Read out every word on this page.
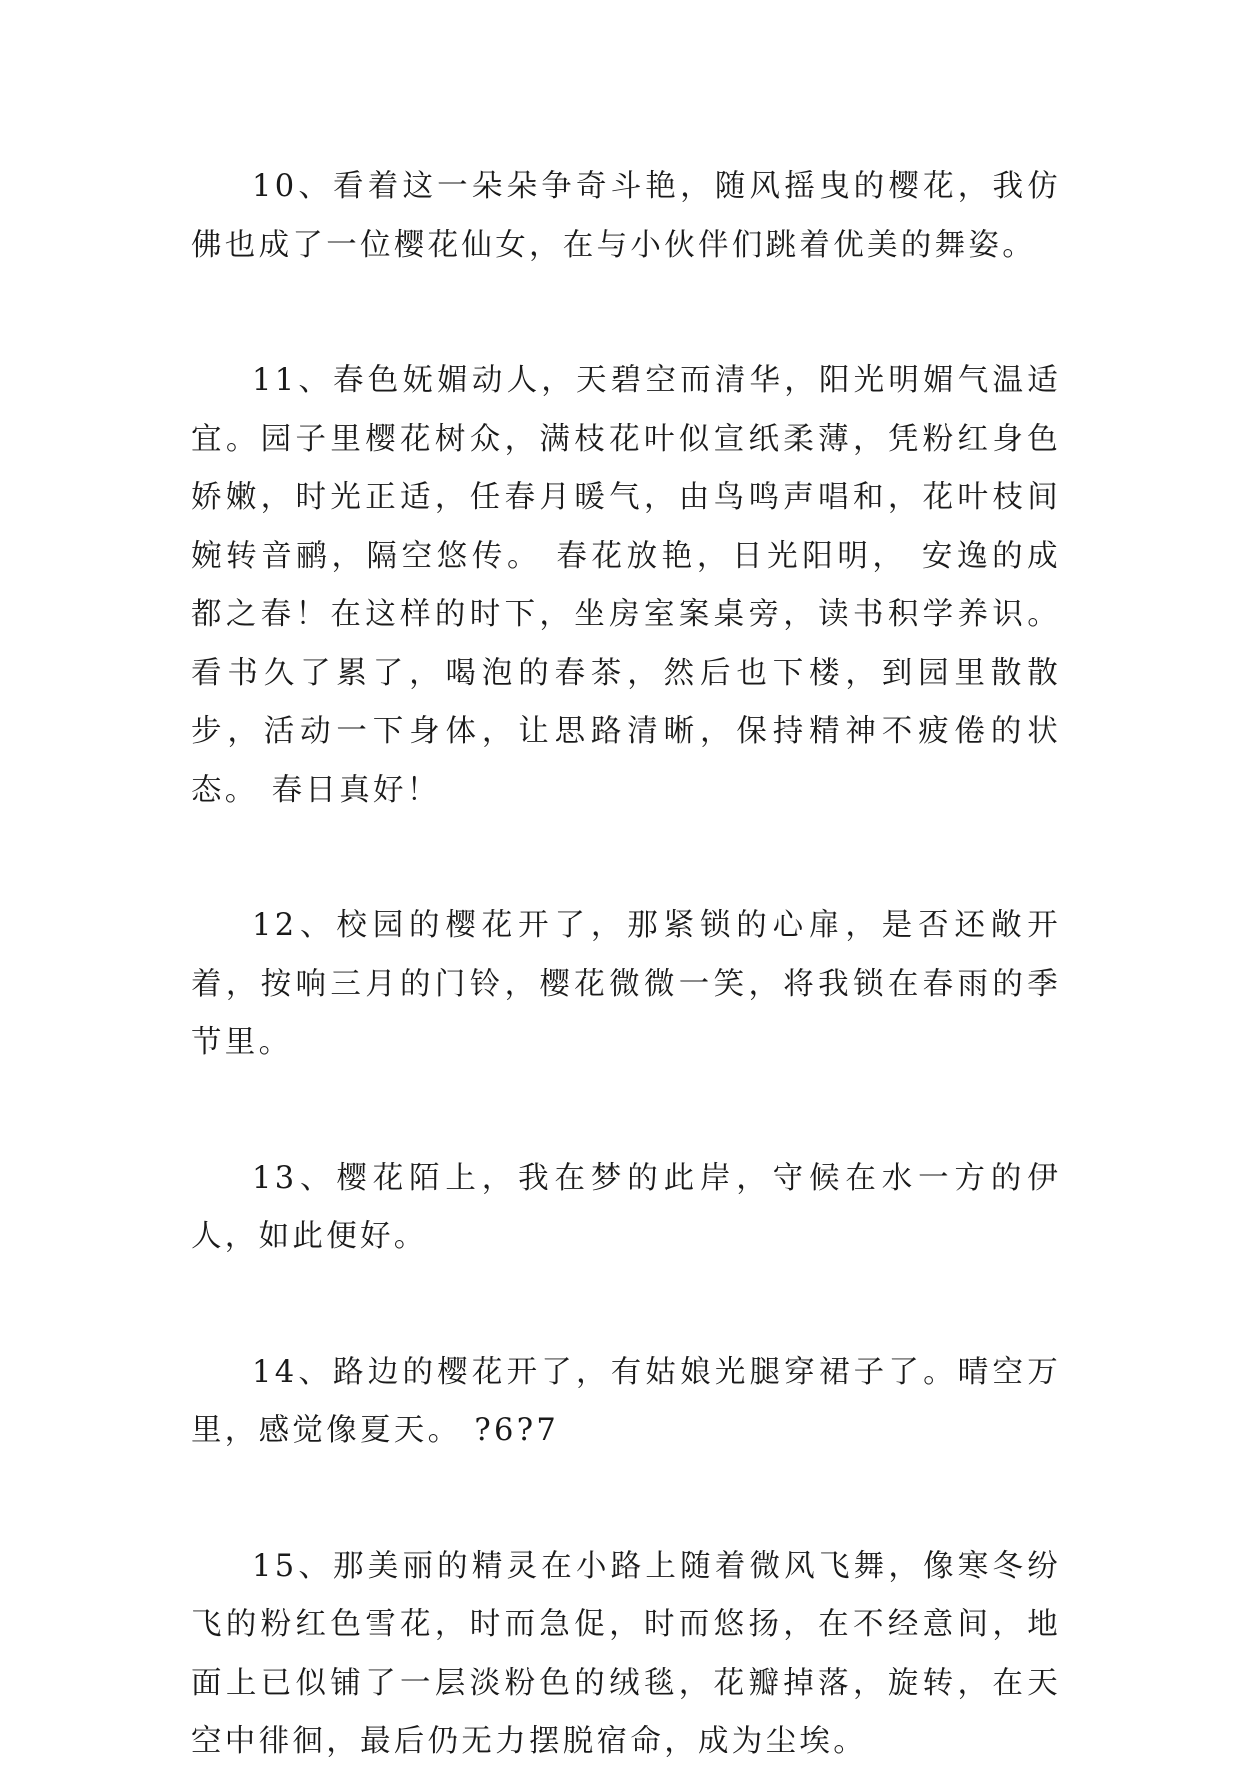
10、看着这一朵朵争奇斗艳，随风摇曳的樱花，我仿佛也成了一位樱花仙女，在与小伙伴们跳着优美的舞姿。

11、春色妩媚动人，天碧空而清华，阳光明媚气温适宜。园子里樱花树众，满枝花叶似宣纸柔薄，凭粉红身色娇嫩，时光正适，任春月暖气，由鸟鸣声唱和，花叶枝间婉转音鹂，隔空悠传。 春花放艳，日光阳明， 安逸的成都之春！在这样的时下，坐房室案桌旁，读书积学养识。 看书久了累了，喝泡的春茶，然后也下楼，到园里散散步，活动一下身体，让思路清晰，保持精神不疲倦的状态。 春日真好！

12、校园的樱花开了，那紧锁的心扉，是否还敞开着，按响三月的门铃，樱花微微一笑，将我锁在春雨的季节里。

13、樱花陌上，我在梦的此岸，守候在水一方的伊人，如此便好。

14、路边的樱花开了，有姑娘光腿穿裙子了。晴空万里，感觉像夏天。 ?6?7

15、那美丽的精灵在小路上随着微风飞舞，像寒冬纷飞的粉红色雪花，时而急促，时而悠扬，在不经意间，地面上已似铺了一层淡粉色的绒毯，花瓣掉落，旋转，在天空中徘徊，最后仍无力摆脱宿命，成为尘埃。
